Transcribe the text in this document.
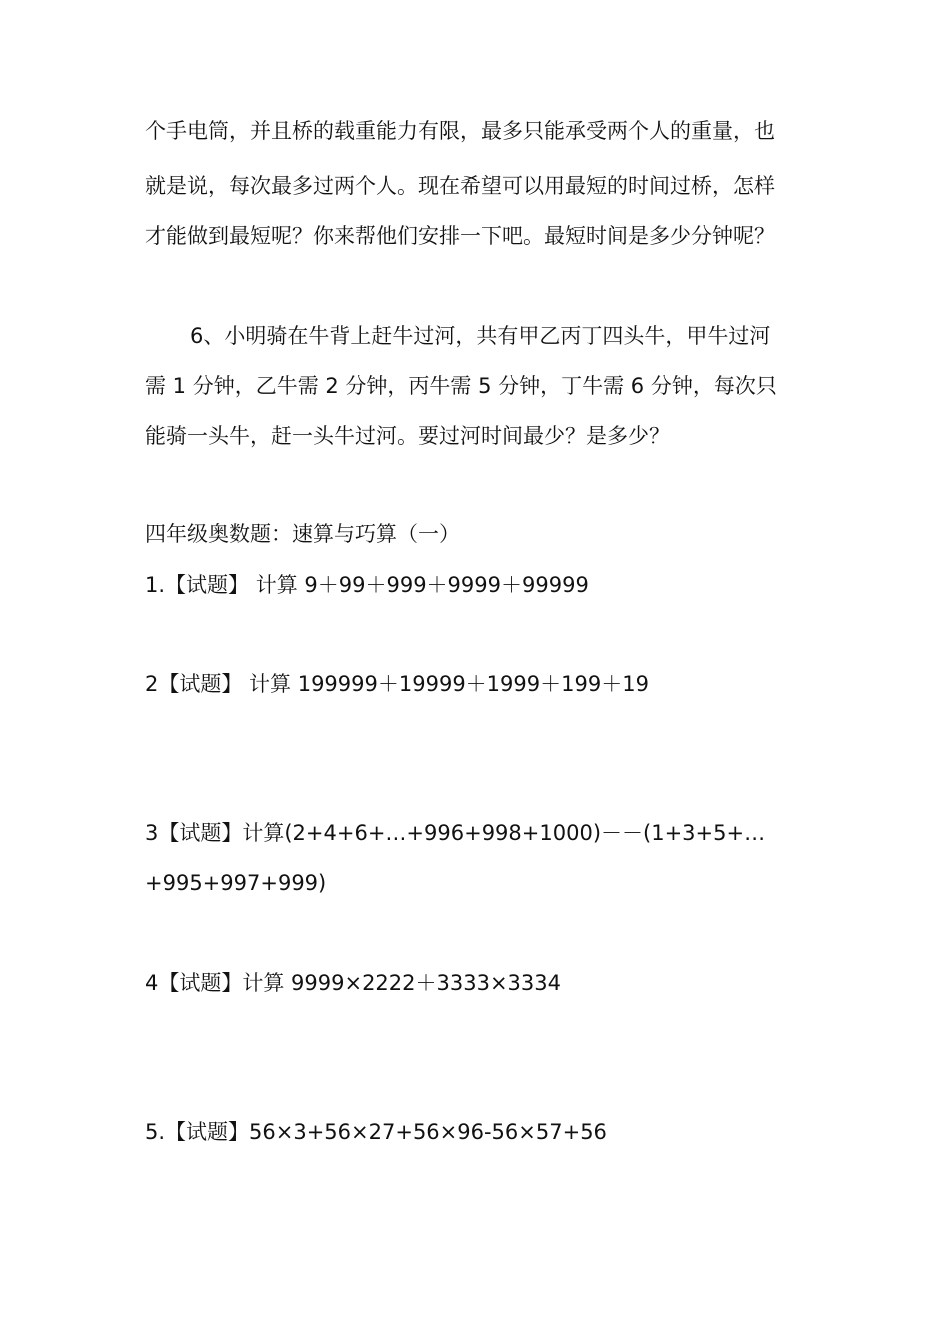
个手电筒，并且桥的载重能力有限，最多只能承受两个人的重量，也
就是说，每次最多过两个人。现在希望可以用最短的时间过桥，怎样
才能做到最短呢？你来帮他们安排一下吧。最短时间是多少分钟呢？
6、小明骑在牛背上赶牛过河，共有甲乙丙丁四头牛，甲牛过河
需 1 分钟，乙牛需 2 分钟，丙牛需 5 分钟，丁牛需 6 分钟，每次只
能骑一头牛，赶一头牛过河。要过河时间最少？是多少？
四年级奥数题：速算与巧算（一）
1.【试题】 计算 9＋99＋999＋9999＋99999
2【试题】 计算 199999＋19999＋1999＋199＋19
3【试题】计算(2+4+6+…+996+998+1000)－－(1+3+5+…
+995+997+999)
4【试题】计算 9999×2222＋3333×3334
5.【试题】56×3+56×27+56×96-56×57+56
